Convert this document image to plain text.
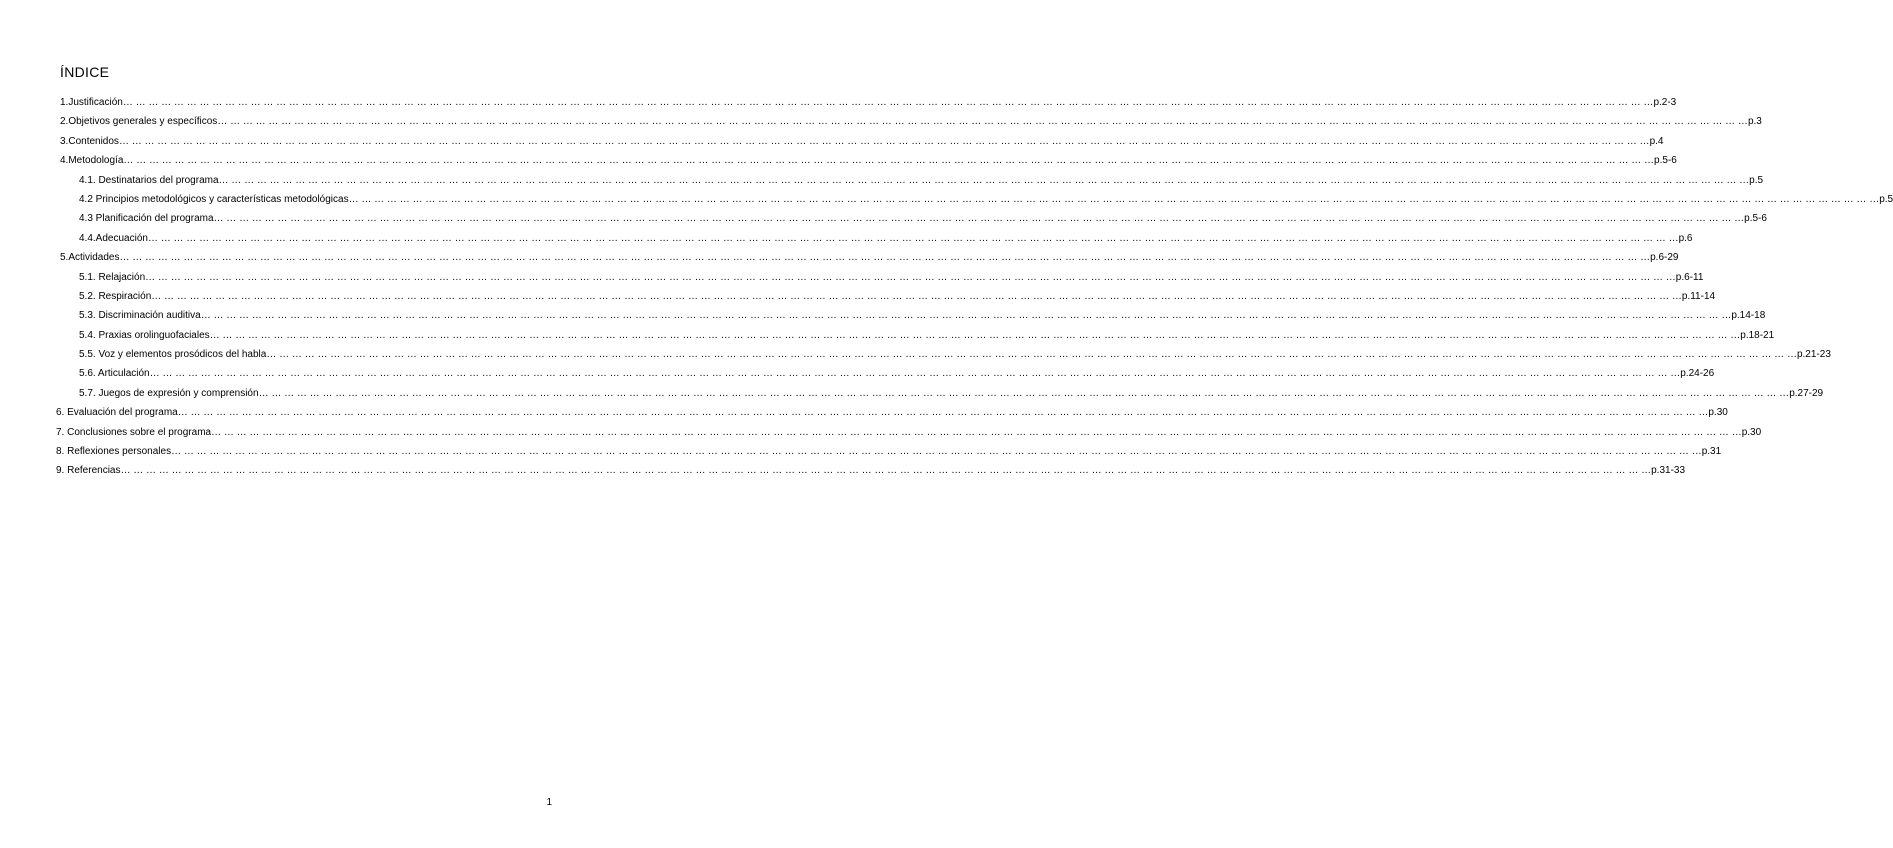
ÍNDICE
1. Justificación … … … … … … … … … … … … … … … … … … … … … … … … … … … … … … … … … … … … … … … … … … … … … … … … … … … … … … … … … … … … … … … … … … … … … … … … … … … … … … … … … … … … … … … … … … … … … … … … … … … … … … … … … … … … … … … … … … … … … … … … p.2-3
2. Objetivos generales y específicos … … … … … … … … … … … … … … … … … … … … … … … … … … … … … … … … … … … … … … … … … … … … … … … … … … … … … … … … … … … … … … … … … … … … … … … … … … … … … … … … … … … … … … … … … … … … … … … … … … … … … … … … … … … … … … … … … … … … … … … … p.3
3. Contenidos … … … … … … … … … … … … … … … … … … … … … … … … … … … … … … … … … … … … … … … … … … … … … … … … … … … … … … … … … … … … … … … … … … … … … … … … … … … … … … … … … … … … … … … … … … … … … … … … … … … … … … … … … … … … … … … … … … … … … … … … p.4
4. Metodología … … … … … … … … … … … … … … … … … … … … … … … … … … … … … … … … … … … … … … … … … … … … … … … … … … … … … … … … … … … … … … … … … … … … … … … … … … … … … … … … … … … … … … … … … … … … … … … … … … … … … … … … … … … … … … … … … … … … … … … … p.5-6
4.1. Destinatarios del programa … … … … … … … … … … … … … … … … … … … … … … … … … … … … … … … … … … … … … … … … … … … … … … … … … … … … … … … … … … … … … … … … … … … … … … … … … … … … … … … … … … … … … … … … … … … … … … … … … … … … … … … … … … … … … … … … … … … … … … … … p.5
4.2 Principios metodológicos y características metodológicas … … … … … … … … … … … … … … … … … … … … … … … … … … … … … … … … … … … … … … … … … … … … … … … … … … … … … … … … … … … … … … … … … … … … … … … … … … … … … … … … … … … … … … … … … … … … … … … … … … … … … … … … … … … … … … … … … … … … … … … … p.5
4.3 Planificación del programa … … … … … … … … … … … … … … … … … … … … … … … … … … … … … … … … … … … … … … … … … … … … … … … … … … … … … … … … … … … … … … … … … … … … … … … … … … … … … … … … … … … … … … … … … … … … … … … … … … … … … … … … … … … … … … … … … … … … … … … … p.5-6
4.4.Adecuación … … … … … … … … … … … … … … … … … … … … … … … … … … … … … … … … … … … … … … … … … … … … … … … … … … … … … … … … … … … … … … … … … … … … … … … … … … … … … … … … … … … … … … … … … … … … … … … … … … … … … … … … … … … … … … … … … … … … … … … … p.6
5. Actividades … … … … … … … … … … … … … … … … … … … … … … … … … … … … … … … … … … … … … … … … … … … … … … … … … … … … … … … … … … … … … … … … … … … … … … … … … … … … … … … … … … … … … … … … … … … … … … … … … … … … … … … … … … … … … … … … … … … … … … … … p.6-29
5.1. Relajación … … … … … … … … … … … … … … … … … … … … … … … … … … … … … … … … … … … … … … … … … … … … … … … … … … … … … … … … … … … … … … … … … … … … … … … … … … … … … … … … … … … … … … … … … … … … … … … … … … … … … … … … … … … … … … … … … … … … … … … … p.6-11
5.2. Respiración … … … … … … … … … … … … … … … … … … … … … … … … … … … … … … … … … … … … … … … … … … … … … … … … … … … … … … … … … … … … … … … … … … … … … … … … … … … … … … … … … … … … … … … … … … … … … … … … … … … … … … … … … … … … … … … … … … … … … … … … p.11-14
5.3. Discriminación auditiva … … … … … … … … … … … … … … … … … … … … … … … … … … … … … … … … … … … … … … … … … … … … … … … … … … … … … … … … … … … … … … … … … … … … … … … … … … … … … … … … … … … … … … … … … … … … … … … … … … … … … … … … … … … … … … … … … … … … … … … … p.14-18
5.4. Praxias orolinguofaciales … … … … … … … … … … … … … … … … … … … … … … … … … … … … … … … … … … … … … … … … … … … … … … … … … … … … … … … … … … … … … … … … … … … … … … … … … … … … … … … … … … … … … … … … … … … … … … … … … … … … … … … … … … … … … … … … … … … … … … … … p.18-21
5.5. Voz y elementos prosódicos del habla … … … … … … … … … … … … … … … … … … … … … … … … … … … … … … … … … … … … … … … … … … … … … … … … … … … … … … … … … … … … … … … … … … … … … … … … … … … … … … … … … … … … … … … … … … … … … … … … … … … … … … … … … … … … … … … … … … … … … … … … p.21-23
5.6. Articulación … … … … … … … … … … … … … … … … … … … … … … … … … … … … … … … … … … … … … … … … … … … … … … … … … … … … … … … … … … … … … … … … … … … … … … … … … … … … … … … … … … … … … … … … … … … … … … … … … … … … … … … … … … … … … … … … … … … … … … … … p.24-26
5.7. Juegos de expresión y comprensión … … … … … … … … … … … … … … … … … … … … … … … … … … … … … … … … … … … … … … … … … … … … … … … … … … … … … … … … … … … … … … … … … … … … … … … … … … … … … … … … … … … … … … … … … … … … … … … … … … … … … … … … … … … … … … … … … … … … … … … … p.27-29
6. Evaluación del programa … … … … … … … … … … … … … … … … … … … … … … … … … … … … … … … … … … … … … … … … … … … … … … … … … … … … … … … … … … … … … … … … … … … … … … … … … … … … … … … … … … … … … … … … … … … … … … … … … … … … … … … … … … … … … … … … … … … … … … … … p.30
7. Conclusiones sobre el programa … … … … … … … … … … … … … … … … … … … … … … … … … … … … … … … … … … … … … … … … … … … … … … … … … … … … … … … … … … … … … … … … … … … … … … … … … … … … … … … … … … … … … … … … … … … … … … … … … … … … … … … … … … … … … … … … … … … … … … … … p.30
8. Reflexiones personales … … … … … … … … … … … … … … … … … … … … … … … … … … … … … … … … … … … … … … … … … … … … … … … … … … … … … … … … … … … … … … … … … … … … … … … … … … … … … … … … … … … … … … … … … … … … … … … … … … … … … … … … … … … … … … … … … … … … … … … … p.31
9. Referencias … … … … … … … … … … … … … … … … … … … … … … … … … … … … … … … … … … … … … … … … … … … … … … … … … … … … … … … … … … … … … … … … … … … … … … … … … … … … … … … … … … … … … … … … … … … … … … … … … … … … … … … … … … … … … … … … … … … … … … … … p.31-33
1
